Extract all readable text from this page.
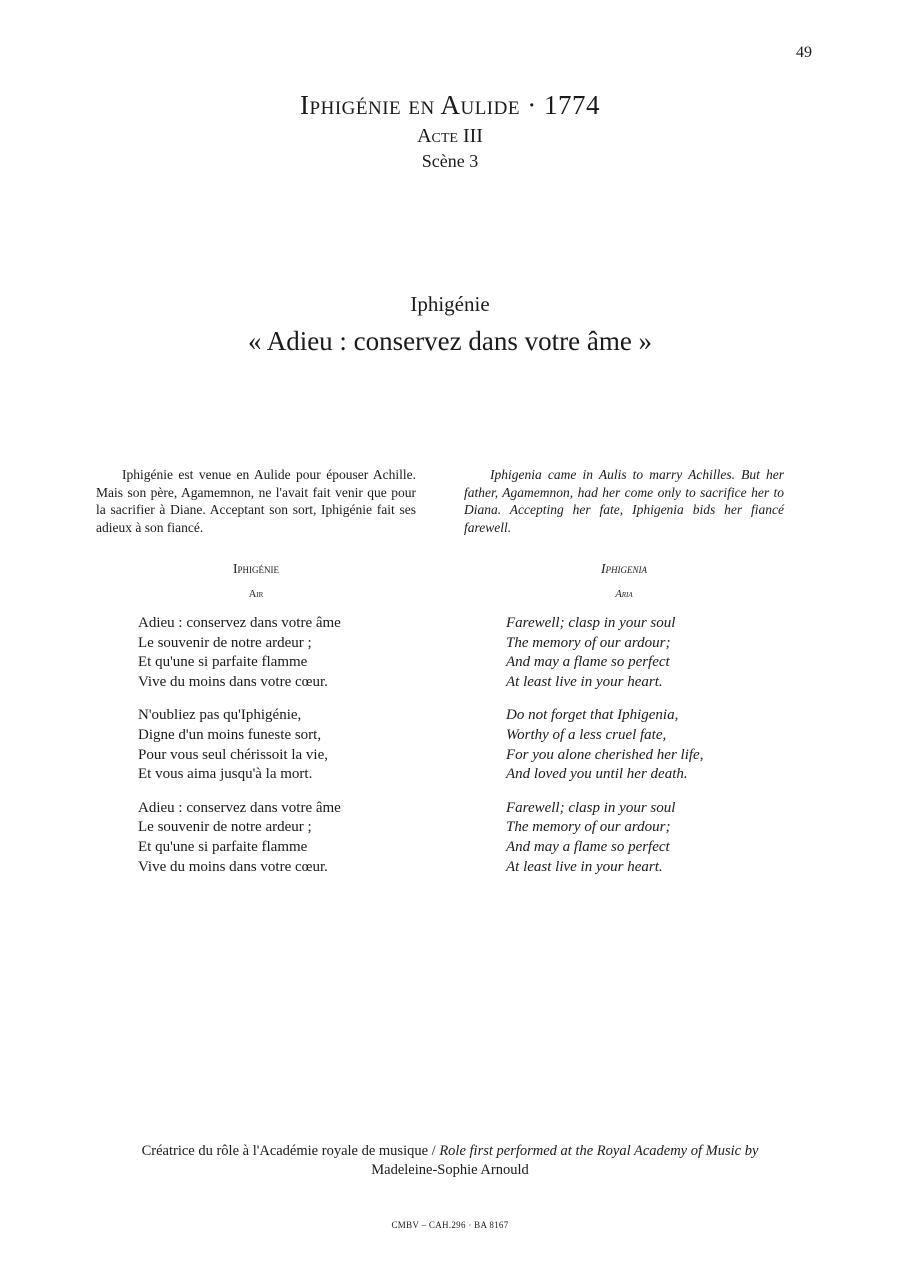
49
Iphigénie en Aulide · 1774
Acte III
Scène 3
Iphigénie
« Adieu : conservez dans votre âme »

Iphigénie est venue en Aulide pour épouser Achille. Mais son père, Agamemnon, ne l'avait fait venir que pour la sacrifier à Diane. Acceptant son sort, Iphigénie fait ses adieux à son fiancé.

Iphigenia came in Aulis to marry Achilles. But her father, Agamemnon, had her come only to sacrifice her to Diana. Accepting her fate, Iphigenia bids her fiancé farewell.

Iphigénie
Air
Adieu : conservez dans votre âme
Le souvenir de notre ardeur ;
Et qu'une si parfaite flamme
Vive du moins dans votre cœur.
N'oubliez pas qu'Iphigénie,
Digne d'un moins funeste sort,
Pour vous seul chérissoit la vie,
Et vous aima jusqu'à la mort.
Adieu : conservez dans votre âme
Le souvenir de notre ardeur ;
Et qu'une si parfaite flamme
Vive du moins dans votre cœur.
Iphigenia
Aria
Farewell; clasp in your soul
The memory of our ardour;
And may a flame so perfect
At least live in your heart.
Do not forget that Iphigenia,
Worthy of a less cruel fate,
For you alone cherished her life,
And loved you until her death.
Farewell; clasp in your soul
The memory of our ardour;
And may a flame so perfect
At least live in your heart.
Créatrice du rôle à l'Académie royale de musique / Role first performed at the Royal Academy of Music by
Madeleine-Sophie Arnould
CMBV – CAH.296 · BA 8167
